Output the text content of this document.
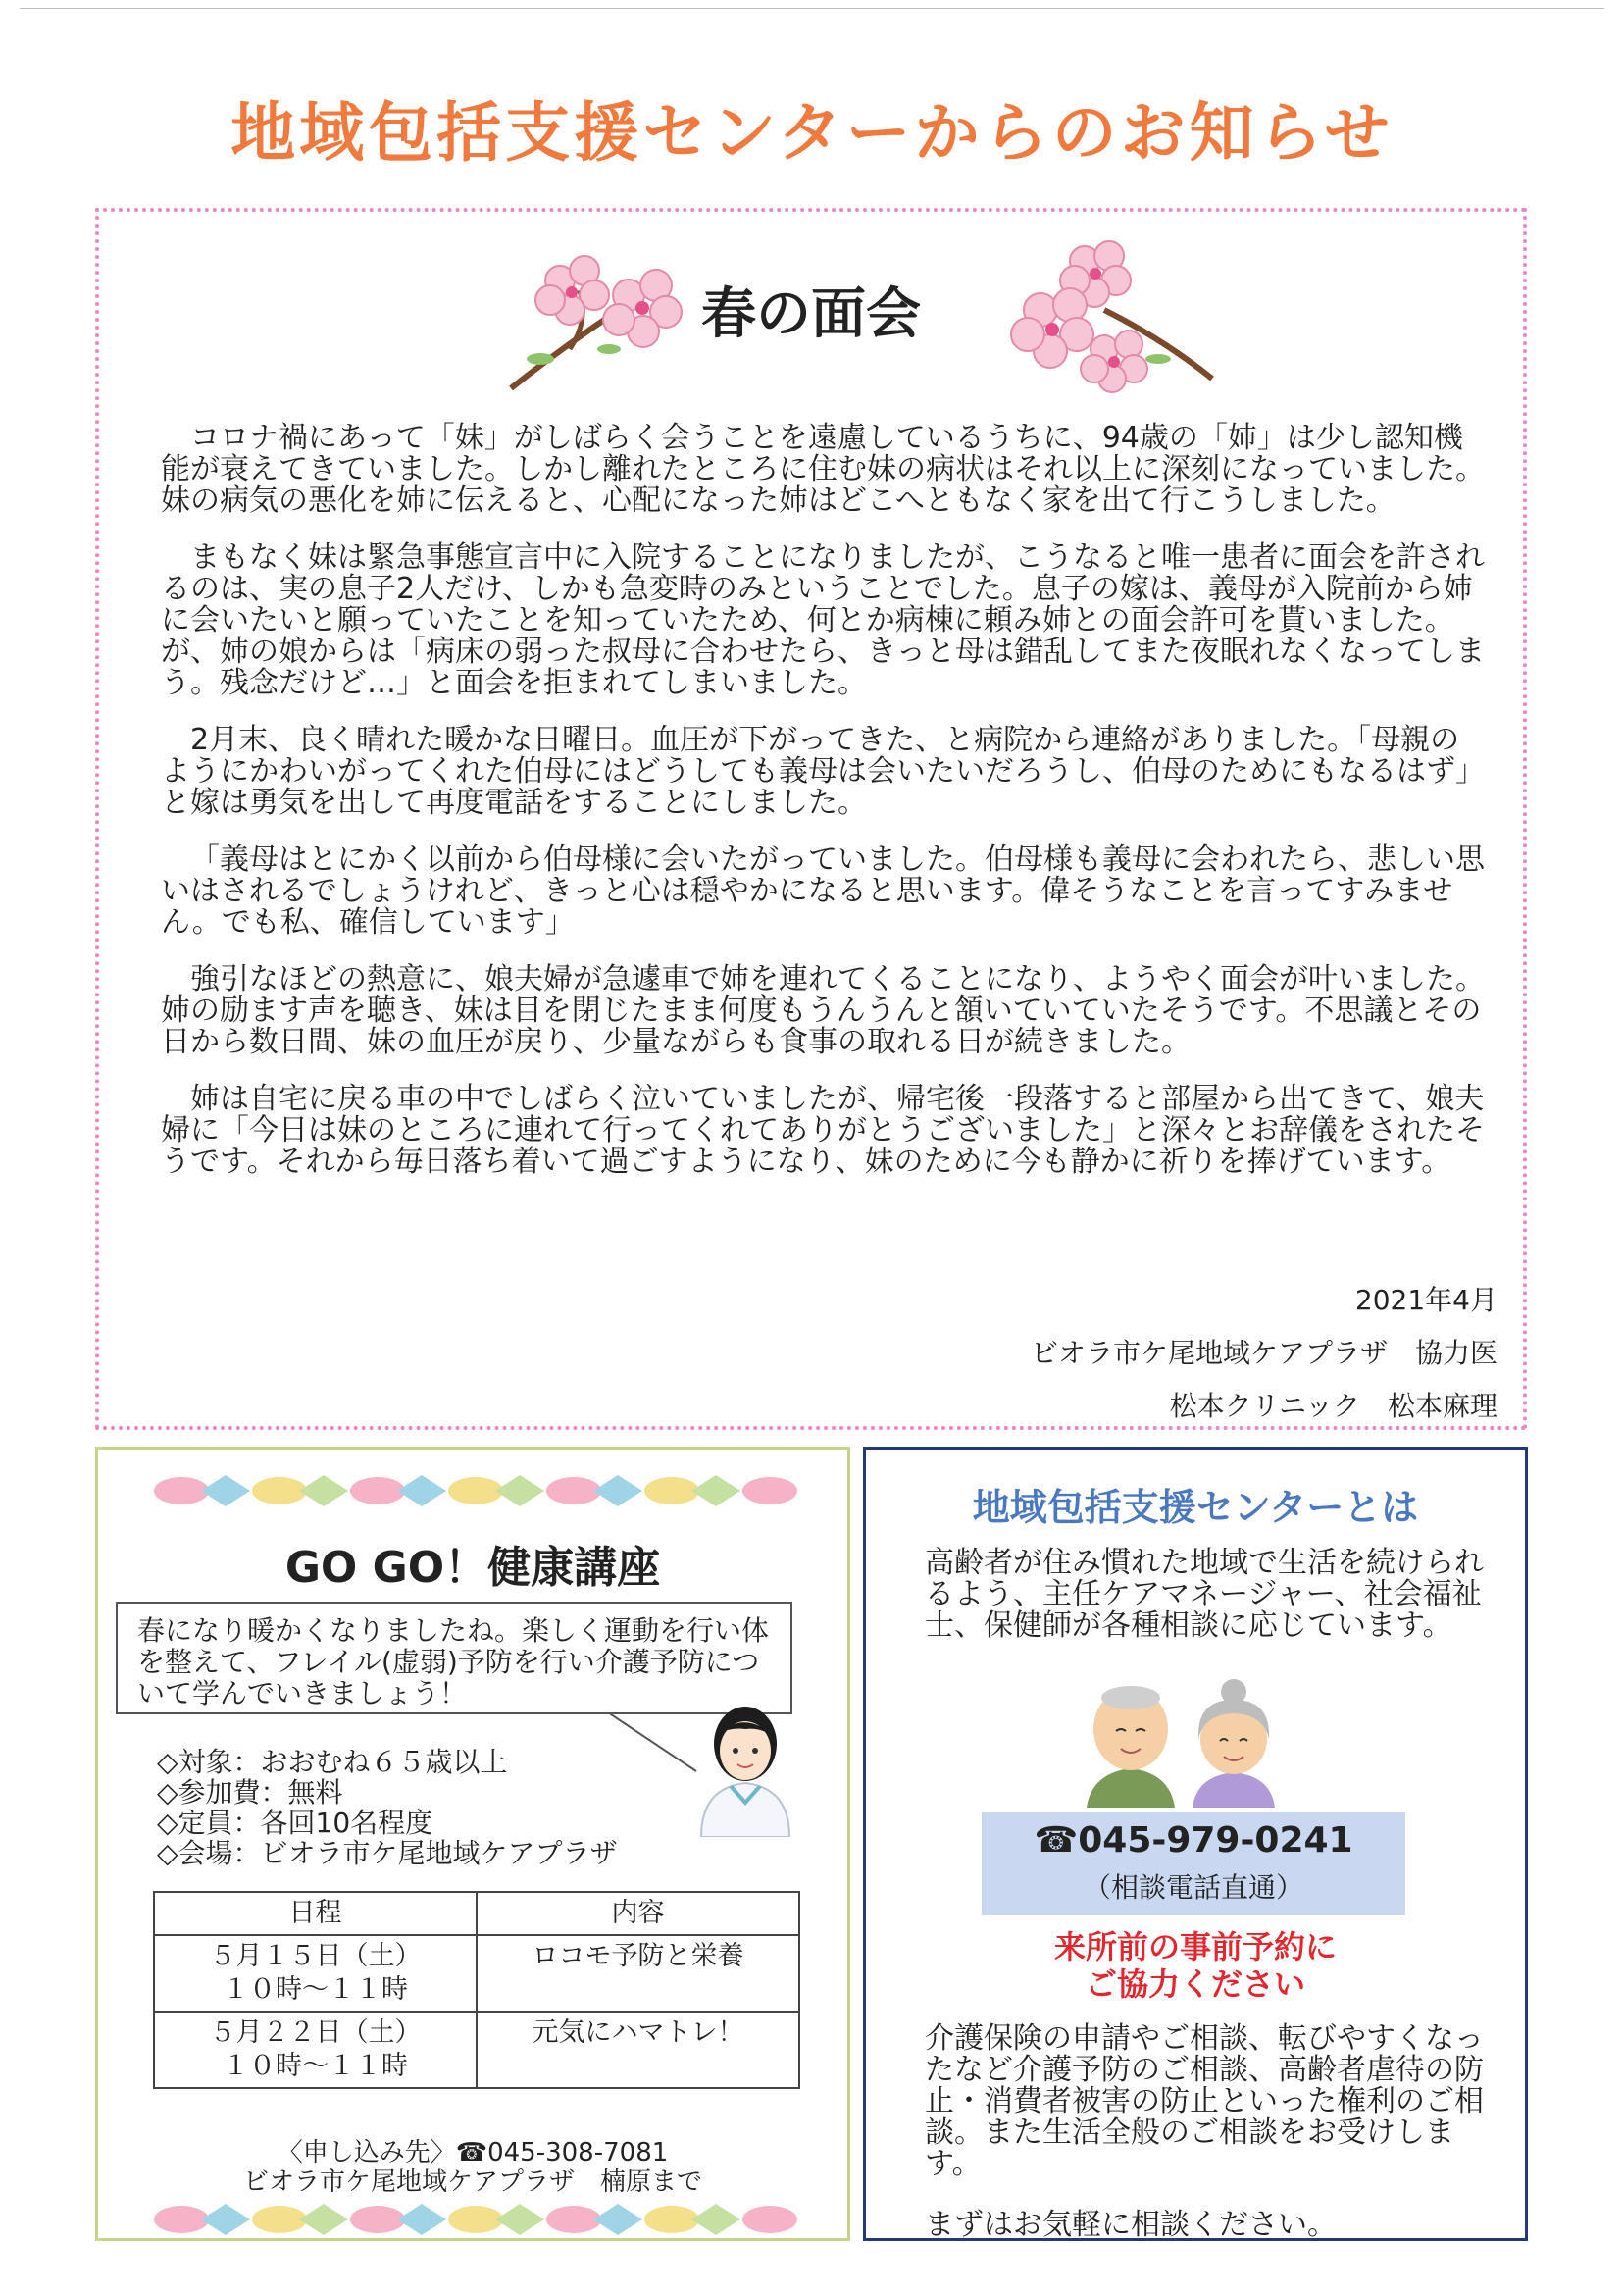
地域包括支援センターからのお知らせ
春の面会

コロナ禍にあって「妹」がしばらく会うことを遠慮しているうちに、94歳の「姉」は少し認知機能が衰えてきていました。しかし離れたところに住む妹の病状はそれ以上に深刻になっていました。妹の病気の悪化を姉に伝えると、心配になった姉はどこへともなく家を出て行こうしました。

まもなく妹は緊急事態宣言中に入院することになりましたが、こうなると唯一患者に面会を許されるのは、実の息子2人だけ、しかも急変時のみということでした。息子の嫁は、義母が入院前から姉に会いたいと願っていたことを知っていたため、何とか病棟に頼み姉との面会許可を貰いました。が、姉の娘からは「病床の弱った叔母に合わせたら、きっと母は錯乱してまた夜眠れなくなってしまう。残念だけど…」と面会を拒まれてしまいました。

2月末、良く晴れた暖かな日曜日。血圧が下がってきた、と病院から連絡がありました。「母親のようにかわいがってくれた伯母にはどうしても義母は会いたいだろうし、伯母のためにもなるはず」と嫁は勇気を出して再度電話をすることにしました。

「義母はとにかく以前から伯母様に会いたがっていました。伯母様も義母に会われたら、悲しい思いはされるでしょうけれど、きっと心は穏やかになると思います。偉そうなことを言ってすみません。でも私、確信しています」

強引なほどの熱意に、娘夫婦が急遽車で姉を連れてくることになり、ようやく面会が叶いました。姉の励ます声を聴き、妹は目を閉じたまま何度もうんうんと頷いていていたそうです。不思議とその日から数日間、妹の血圧が戻り、少量ながらも食事の取れる日が続きました。

姉は自宅に戻る車の中でしばらく泣いていましたが、帰宅後一段落すると部屋から出てきて、娘夫婦に「今日は妹のところに連れて行ってくれてありがとうございました」と深々とお辞儀をされたそうです。それから毎日落ち着いて過ごすようになり、妹のために今も静かに祈りを捧げています。

2021年4月
ビオラ市ケ尾地域ケアプラザ　協力医
松本クリニック　松本麻理
GO GO！健康講座
春になり暖かくなりましたね。楽しく運動を行い体を整えて、フレイル(虚弱)予防を行い介護予防について学んでいきましょう！
◇対象：おおむね６５歳以上
◇参加費：無料
◇定員：各回10名程度
◇会場：ビオラ市ケ尾地域ケアプラザ
日程	内容

５月１５日（土）
１０時～１１時	ロコモ予防と栄養

５月２２日（土）
１０時～１１時	元気にハマトレ！
〈申し込み先〉☎045-308-7081
ビオラ市ケ尾地域ケアプラザ　楠原まで
地域包括支援センターとは
高齢者が住み慣れた地域で生活を続けられるよう、主任ケアマネージャー、社会福祉士、保健師が各種相談に応じています。
☎045-979-0241
（相談電話直通）
来所前の事前予約に
ご協力ください
介護保険の申請やご相談、転びやすくなったなど介護予防のご相談、高齢者虐待の防止・消費者被害の防止といった権利のご相談。また生活全般のご相談をお受けします。
まずはお気軽に相談ください。
